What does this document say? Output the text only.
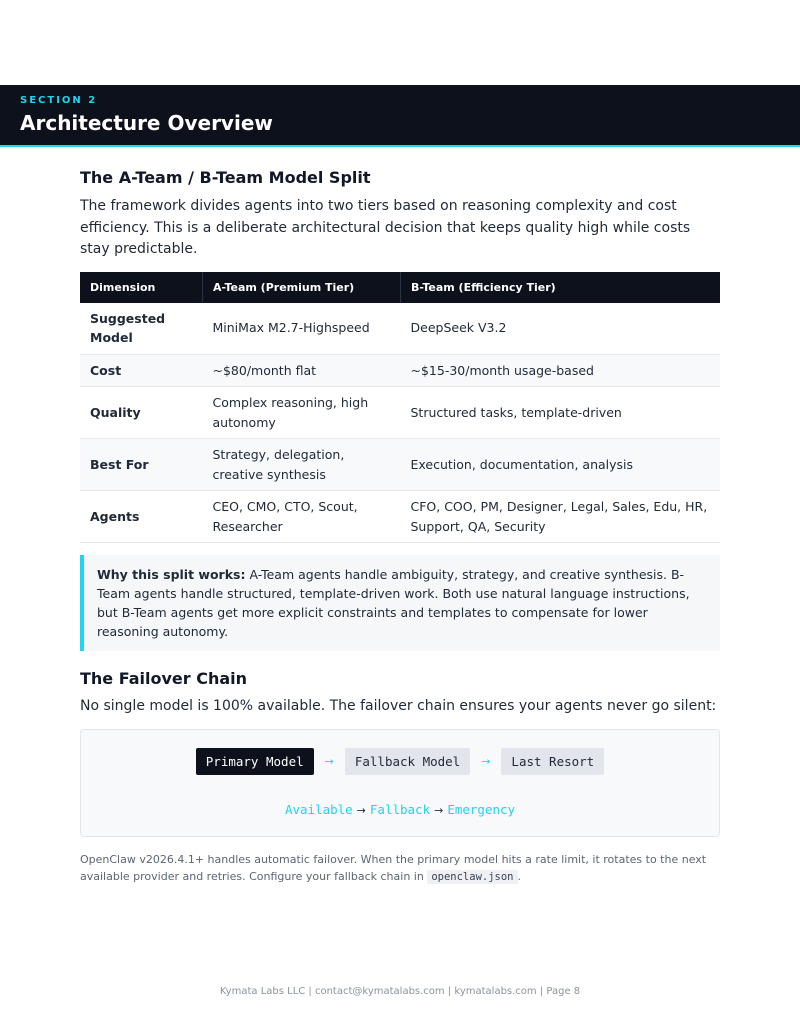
SECTION 2
Architecture Overview
The A-Team / B-Team Model Split

The framework divides agents into two tiers based on reasoning complexity and cost efficiency. This is a deliberate architectural decision that keeps quality high while costs stay predictable.

Dimension	A-Team (Premium Tier)	B-Team (Efficiency Tier)
Suggested Model	MiniMax M2.7-Highspeed	DeepSeek V3.2
Cost	~$80/month flat	~$15-30/month usage-based
Quality	Complex reasoning, high autonomy	Structured tasks, template-driven
Best For	Strategy, delegation, creative synthesis	Execution, documentation, analysis
Agents	CEO, CMO, CTO, Scout, Researcher	CFO, COO, PM, Designer, Legal, Sales, Edu, HR, Support, QA, Security
Why this split works: A-Team agents handle ambiguity, strategy, and creative synthesis. B-Team agents handle structured, template-driven work. Both use natural language instructions, but B-Team agents get more explicit constraints and templates to compensate for lower reasoning autonomy.
The Failover Chain

No single model is 100% available. The failover chain ensures your agents never go silent:

Primary Model	→	Fallback Model	→	Last Resort
Available → Fallback → Emergency
OpenClaw v2026.4.1+ handles automatic failover. When the primary model hits a rate limit, it rotates to the next available provider and retries. Configure your fallback chain in openclaw.json .
Kymata Labs LLC | contact@kymatalabs.com | kymatalabs.com | Page 8
